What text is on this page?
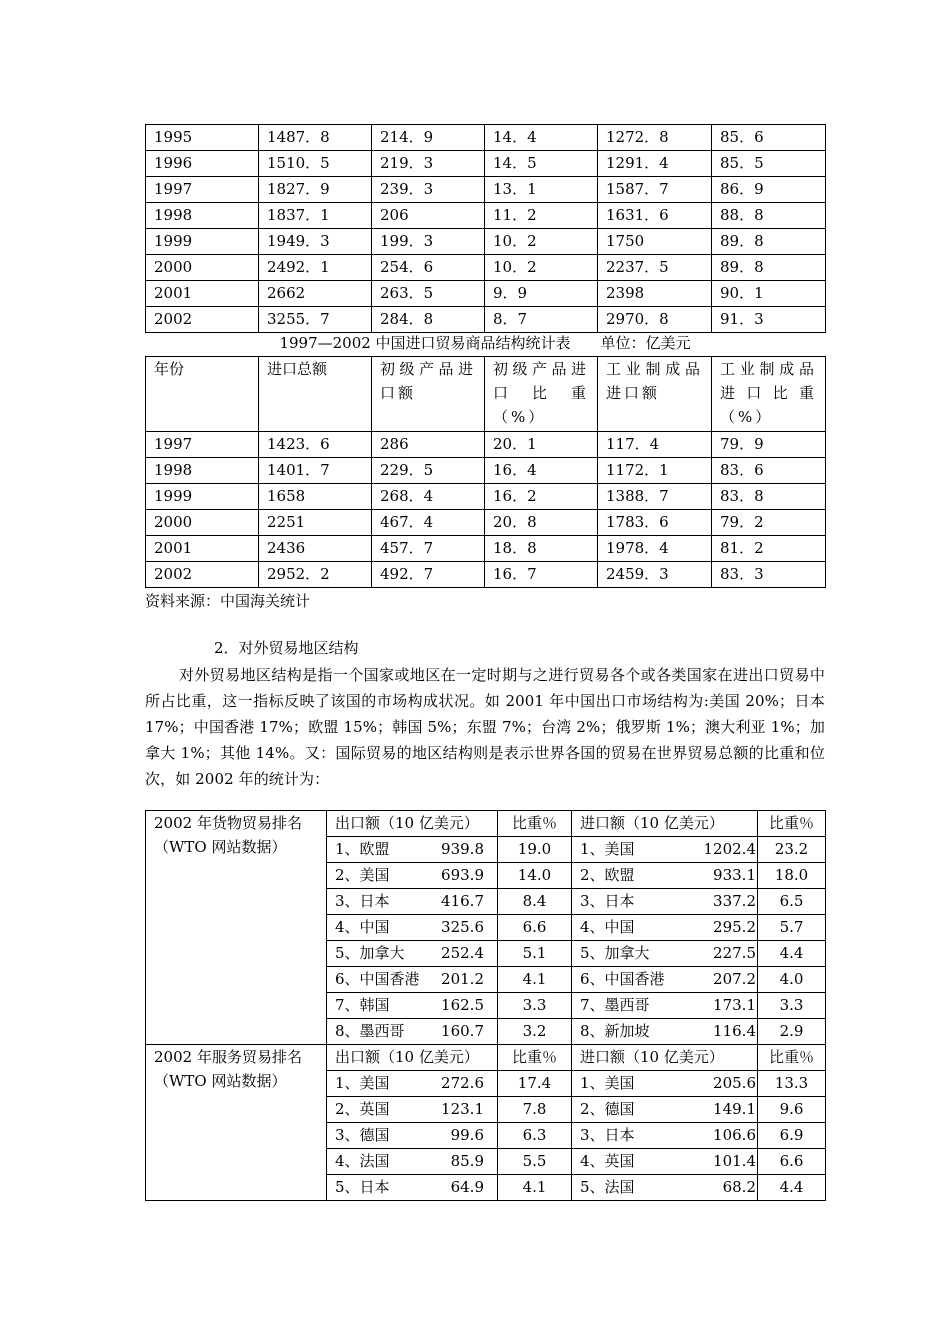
1995	1487．8	214．9	14．4	1272．8	85．6
1996	1510．5	219．3	14．5	1291．4	85．5
1997	1827．9	239．3	13．1	1587．7	86．9
1998	1837．1	206	11．2	1631．6	88．8
1999	1949．3	199．3	10．2	1750	89．8
2000	2492．1	254．6	10．2	2237．5	89．8
2001	2662	263．5	9．9	2398	90．1
2002	3255．7	284．8	8．7	2970．8	91．3
1997—2002 中国进口贸易商品结构统计表　　单位：亿美元
年份	进口总额	初级产品进口额	初级产品进口比重（%）	工业制成品进口额	工业制成品进口比重（%）
1997	1423．6	286	20．1	117．4	79．9
1998	1401．7	229．5	16．4	1172．1	83．6
1999	1658	268．4	16．2	1388．7	83．8
2000	2251	467．4	20．8	1783．6	79．2
2001	2436	457．7	18．8	1978．4	81．2
2002	2952．2	492．7	16．7	2459．3	83．3
资料来源：中国海关统计
2．对外贸易地区结构
对外贸易地区结构是指一个国家或地区在一定时期与之进行贸易各个或各类国家在进出口贸易中所占比重，这一指标反映了该国的市场构成状况。如 2001 年中国出口市场结构为:美国 20%；日本 17%；中国香港 17%；欧盟 15%；韩国 5%；东盟 7%；台湾 2%；俄罗斯 1%；澳大利亚 1%；加拿大 1%；其他 14%。又：国际贸易的地区结构则是表示世界各国的贸易在世界贸易总额的比重和位次，如 2002 年的统计为：
2002 年货物贸易排名
（WTO 网站数据）	出口额（10 亿美元）	比重％	进口额（10 亿美元）	比重％
	1、欧盟 939.8	19.0	1、美国 1202.4	23.2
	2、美国 693.9	14.0	2、欧盟 933.1	18.0
	3、日本 416.7	8.4	3、日本 337.2	6.5
	4、中国 325.6	6.6	4、中国 295.2	5.7
	5、加拿大 252.4	5.1	5、加拿大 227.5	4.4
	6、中国香港 201.2	4.1	6、中国香港 207.2	4.0
	7、韩国 162.5	3.3	7、墨西哥 173.1	3.3
	8、墨西哥 160.7	3.2	8、新加坡 116.4	2.9

2002 年服务贸易排名
（WTO 网站数据）	出口额（10 亿美元）	比重％	进口额（10 亿美元）	比重％
	1、美国 272.6	17.4	1、美国 205.6	13.3
	2、英国 123.1	7.8	2、德国 149.1	9.6
	3、德国 99.6	6.3	3、日本 106.6	6.9
	4、法国 85.9	5.5	4、英国 101.4	6.6
	5、日本 64.9	4.1	5、法国 68.2	4.4
